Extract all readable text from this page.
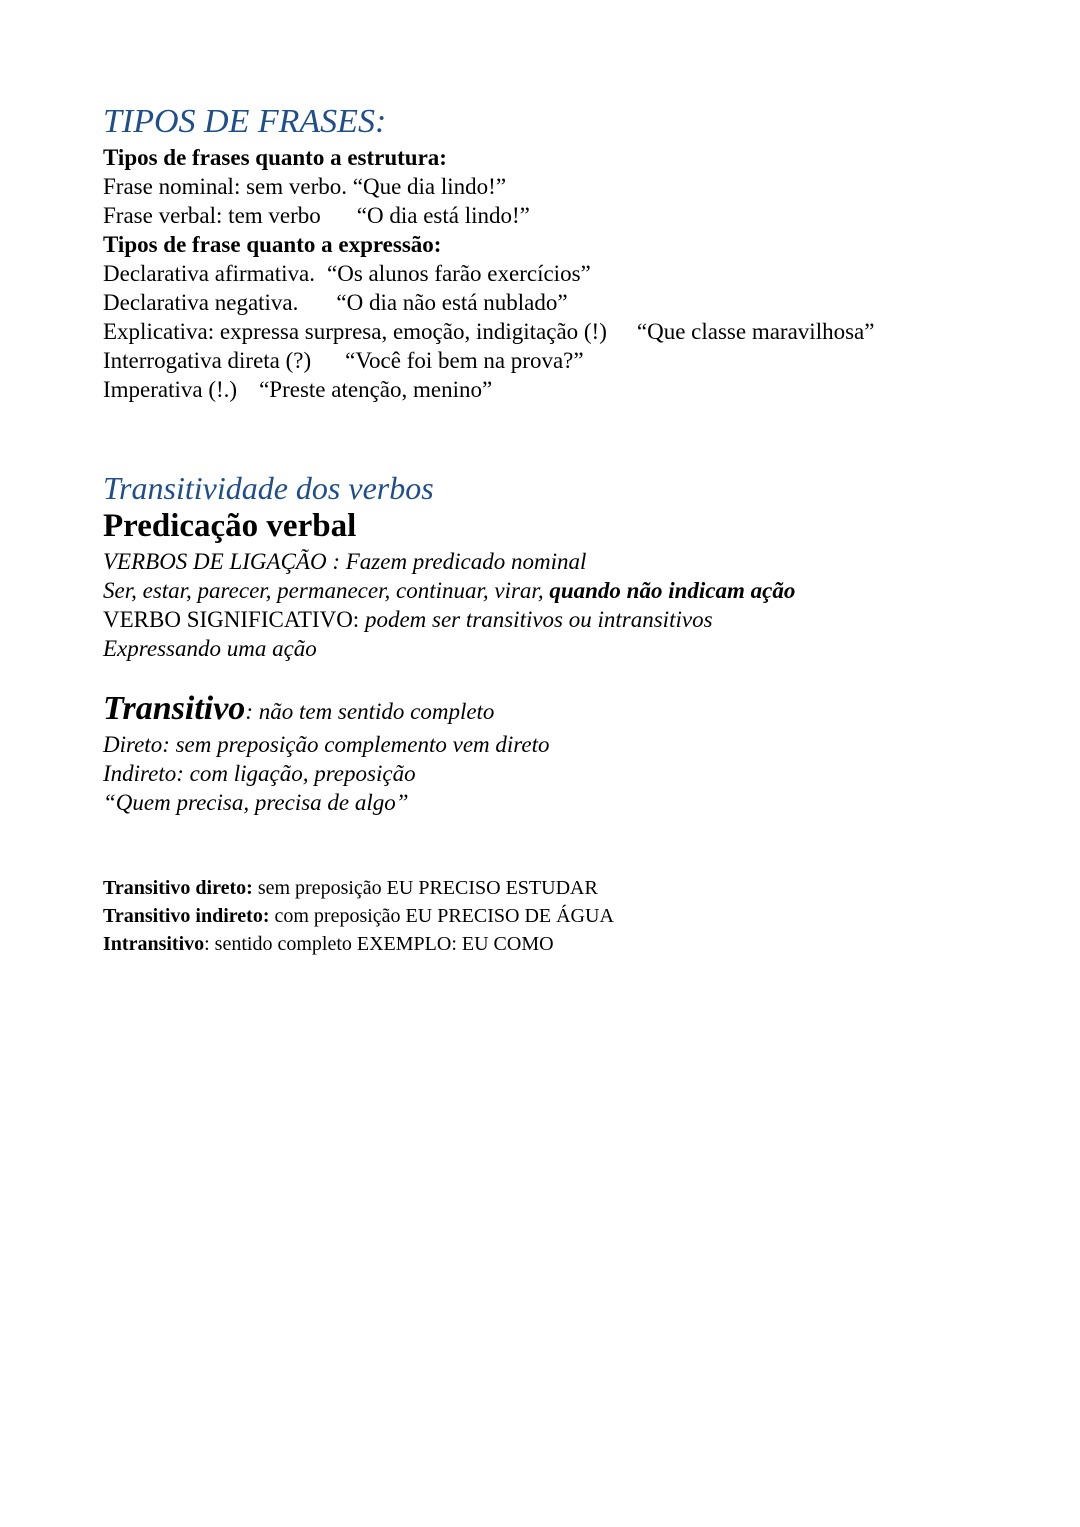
TIPOS DE FRASES:
Tipos de frases quanto a estrutura:
Frase nominal: sem verbo. “Que dia lindo!”
Frase verbal: tem verbo “O dia está lindo!”
Tipos de frase quanto a expressão:
Declarativa afirmativa. “Os alunos farão exercícios”
Declarativa negativa. “O dia não está nublado”
Explicativa: expressa surpresa, emoção, indigitação (!) “Que classe maravilhosa”
Interrogativa direta (?) “Você foi bem na prova?”
Imperativa (!.) “Preste atenção, menino”
Transitividade dos verbos
Predicação verbal
VERBOS DE LIGAÇÃO : Fazem predicado nominal
Ser, estar, parecer, permanecer, continuar, virar, quando não indicam ação
VERBO SIGNIFICATIVO: podem ser transitivos ou intransitivos
Expressando uma ação
Transitivo: não tem sentido completo
Direto: sem preposição complemento vem direto
Indireto: com ligação, preposição
“Quem precisa, precisa de algo”
Transitivo direto: sem preposição EU PRECISO ESTUDAR
Transitivo indireto: com preposição EU PRECISO DE ÁGUA
Intransitivo: sentido completo EXEMPLO: EU COMO
